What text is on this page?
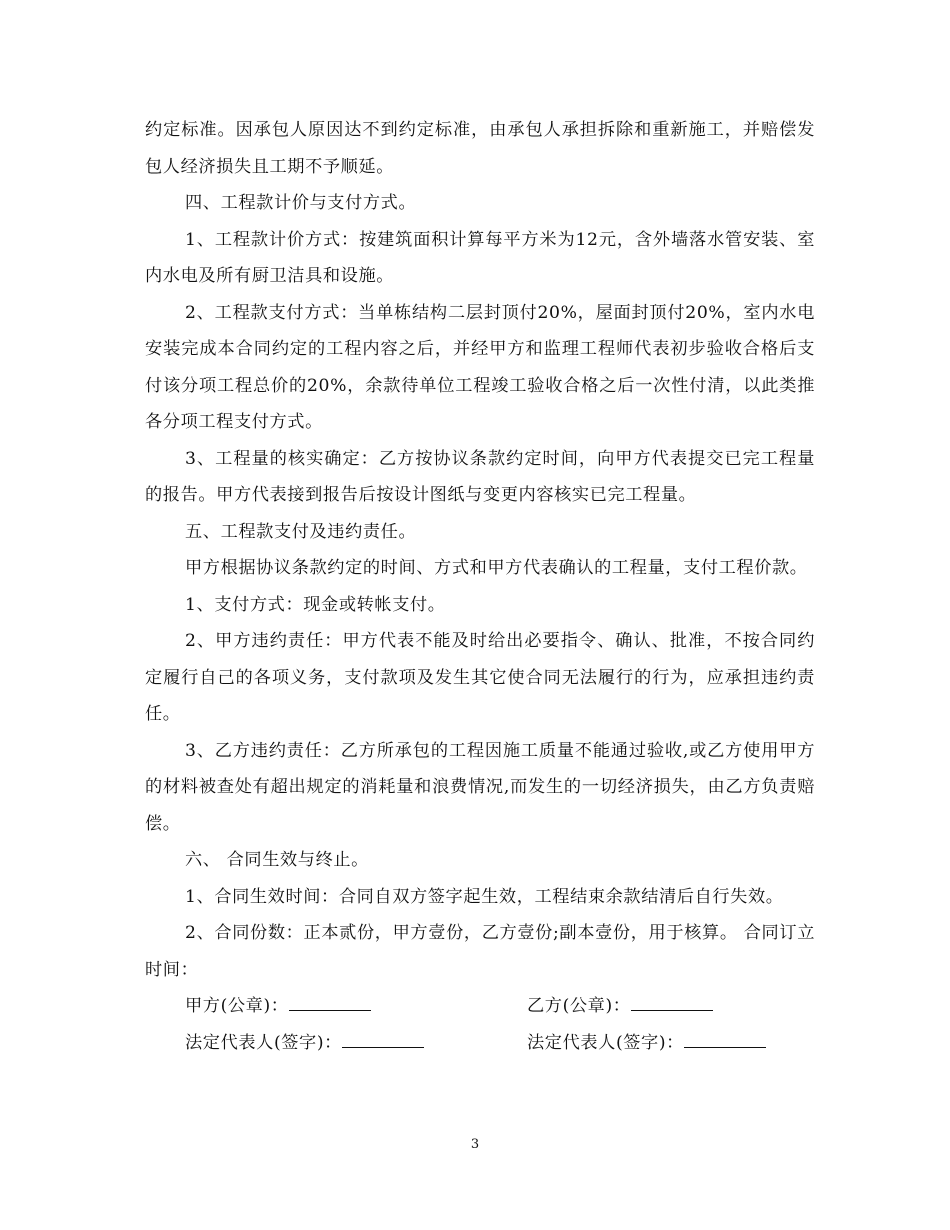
约定标准。因承包人原因达不到约定标准，由承包人承担拆除和重新施工，并赔偿发包人经济损失且工期不予顺延。

四、工程款计价与支付方式。

1、工程款计价方式：按建筑面积计算每平方米为12元，含外墙落水管安装、室内水电及所有厨卫洁具和设施。

2、工程款支付方式：当单栋结构二层封顶付20%，屋面封顶付20%，室内水电安装完成本合同约定的工程内容之后，并经甲方和监理工程师代表初步验收合格后支付该分项工程总价的20%，余款待单位工程竣工验收合格之后一次性付清，以此类推各分项工程支付方式。

3、工程量的核实确定：乙方按协议条款约定时间，向甲方代表提交已完工程量的报告。甲方代表接到报告后按设计图纸与变更内容核实已完工程量。

五、工程款支付及违约责任。

甲方根据协议条款约定的时间、方式和甲方代表确认的工程量，支付工程价款。

1、支付方式：现金或转帐支付。

2、甲方违约责任：甲方代表不能及时给出必要指令、确认、批准，不按合同约定履行自己的各项义务，支付款项及发生其它使合同无法履行的行为，应承担违约责任。

3、乙方违约责任：乙方所承包的工程因施工质量不能通过验收,或乙方使用甲方的材料被查处有超出规定的消耗量和浪费情况,而发生的一切经济损失，由乙方负责赔偿。

六、 合同生效与终止。

1、合同生效时间：合同自双方签字起生效，工程结束余款结清后自行失效。

2、合同份数：正本贰份，甲方壹份，乙方壹份;副本壹份，用于核算。 合同订立时间：

甲方(公章)：	乙方(公章)：
法定代表人(签字)：	法定代表人(签字)：
3
